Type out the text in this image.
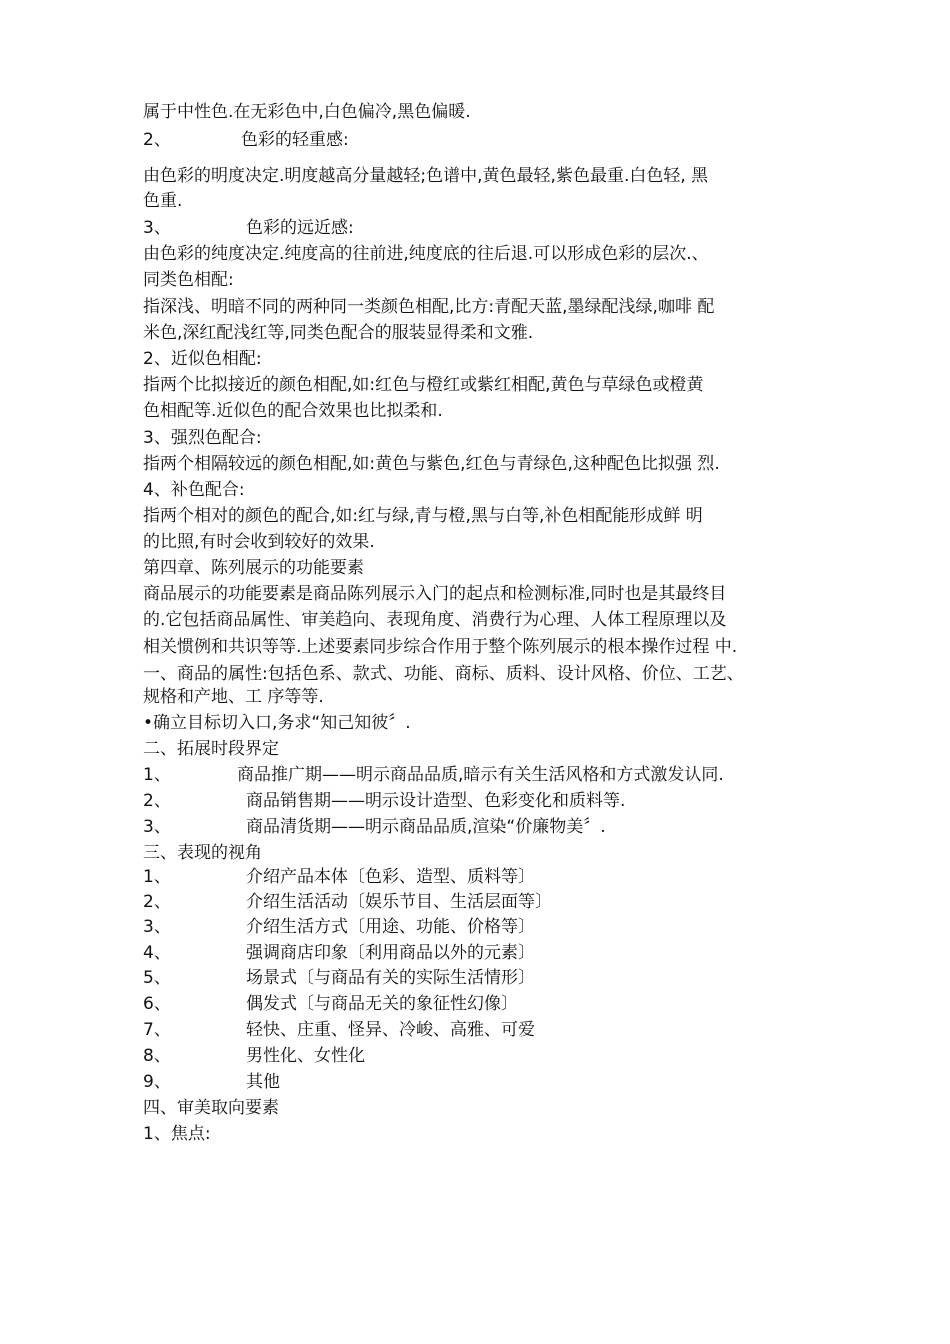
属于中性色.在无彩色中,白色偏冷,黑色偏暖.
2、	色彩的轻重感:
由色彩的明度决定.明度越高分量越轻;色谱中,黄色最轻,紫色最重.白色轻, 黑
色重.
3、	色彩的远近感:
由色彩的纯度决定.纯度高的往前进,纯度底的往后退.可以形成色彩的层次.、
同类色相配:
指深浅、明暗不同的两种同一类颜色相配,比方:青配天蓝,墨绿配浅绿,咖啡 配
米色,深红配浅红等,同类色配合的服装显得柔和文雅.
2、近似色相配:
指两个比拟接近的颜色相配,如:红色与橙红或紫红相配,黄色与草绿色或橙黄
色相配等.近似色的配合效果也比拟柔和.
3、强烈色配合:
指两个相隔较远的颜色相配,如:黄色与紫色,红色与青绿色,这种配色比拟强 烈.
4、补色配合:
指两个相对的颜色的配合,如:红与绿,青与橙,黑与白等,补色相配能形成鲜 明
的比照,有时会收到较好的效果.
第四章、陈列展示的功能要素
商品展示的功能要素是商品陈列展示入门的起点和检测标准,同时也是其最终目
的.它包括商品属性、审美趋向、表现角度、消费行为心理、人体工程原理以及
相关惯例和共识等等.上述要素同步综合作用于整个陈列展示的根本操作过程 中.
一、商品的属性:包括色系、款式、功能、商标、质料、设计风格、价位、工艺、
规格和产地、工 序等等.
•确立目标切入口,务求“知己知彼〞.
二、拓展时段界定
1、	商品推广期——明示商品品质,暗示有关生活风格和方式激发认同.
2、	商品销售期——明示设计造型、色彩变化和质料等.
3、	商品清货期——明示商品品质,渲染“价廉物美〞.
三、表现的视角
1、	介绍产品本体〔色彩、造型、质料等〕
2、	介绍生活活动〔娱乐节目、生活层面等〕
3、	介绍生活方式〔用途、功能、价格等〕
4、	强调商店印象〔利用商品以外的元素〕
5、	场景式〔与商品有关的实际生活情形〕
6、	偶发式〔与商品无关的象征性幻像〕
7、	轻快、庄重、怪异、冷峻、高雅、可爱
8、	男性化、女性化
9、	其他
四、审美取向要素
1、焦点:
